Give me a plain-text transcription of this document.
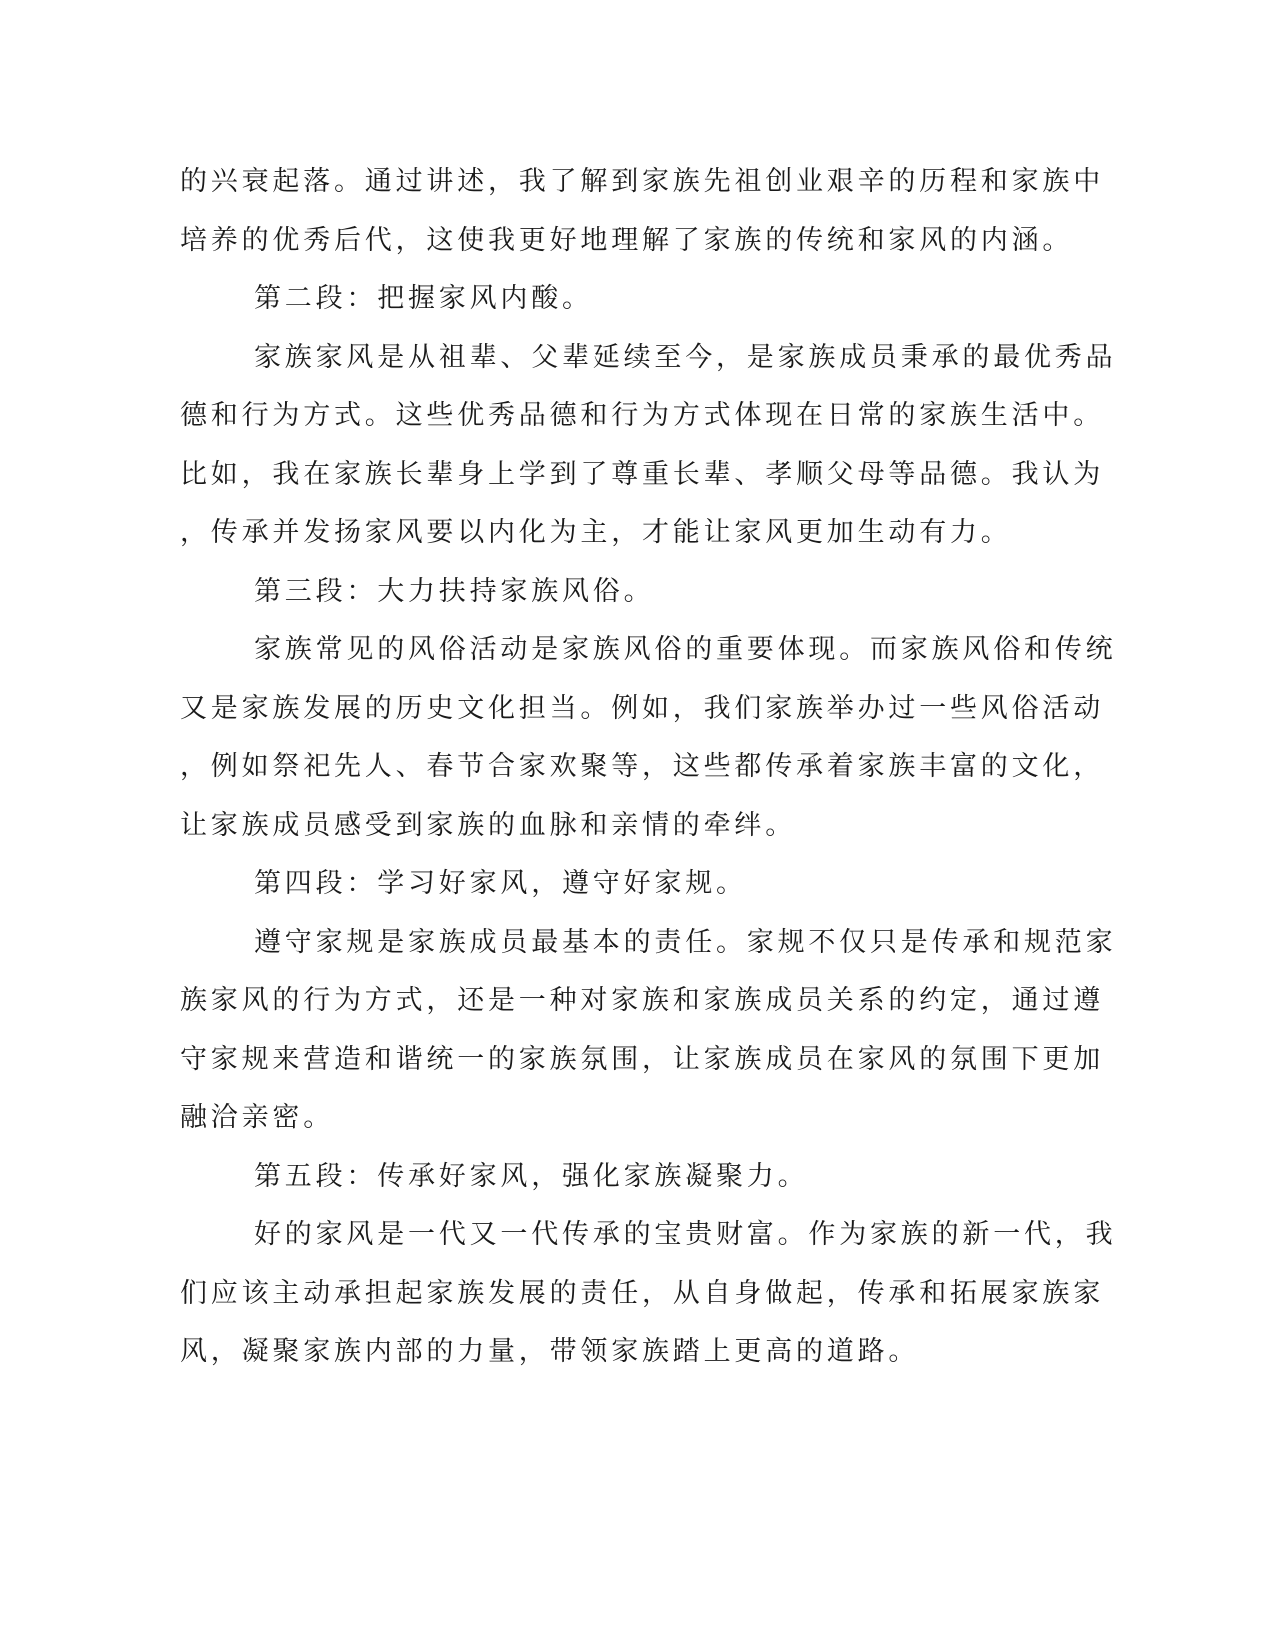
的兴衰起落。通过讲述，我了解到家族先祖创业艰辛的历程和家族中
培养的优秀后代，这使我更好地理解了家族的传统和家风的内涵。
第二段：把握家风内酸。
家族家风是从祖辈、父辈延续至今，是家族成员秉承的最优秀品
德和行为方式。这些优秀品德和行为方式体现在日常的家族生活中。
比如，我在家族长辈身上学到了尊重长辈、孝顺父母等品德。我认为
，传承并发扬家风要以内化为主，才能让家风更加生动有力。
第三段：大力扶持家族风俗。
家族常见的风俗活动是家族风俗的重要体现。而家族风俗和传统
又是家族发展的历史文化担当。例如，我们家族举办过一些风俗活动
，例如祭祀先人、春节合家欢聚等，这些都传承着家族丰富的文化，
让家族成员感受到家族的血脉和亲情的牵绊。
第四段：学习好家风，遵守好家规。
遵守家规是家族成员最基本的责任。家规不仅只是传承和规范家
族家风的行为方式，还是一种对家族和家族成员关系的约定，通过遵
守家规来营造和谐统一的家族氛围，让家族成员在家风的氛围下更加
融洽亲密。
第五段：传承好家风，强化家族凝聚力。
好的家风是一代又一代传承的宝贵财富。作为家族的新一代，我
们应该主动承担起家族发展的责任，从自身做起，传承和拓展家族家
风，凝聚家族内部的力量，带领家族踏上更高的道路。
